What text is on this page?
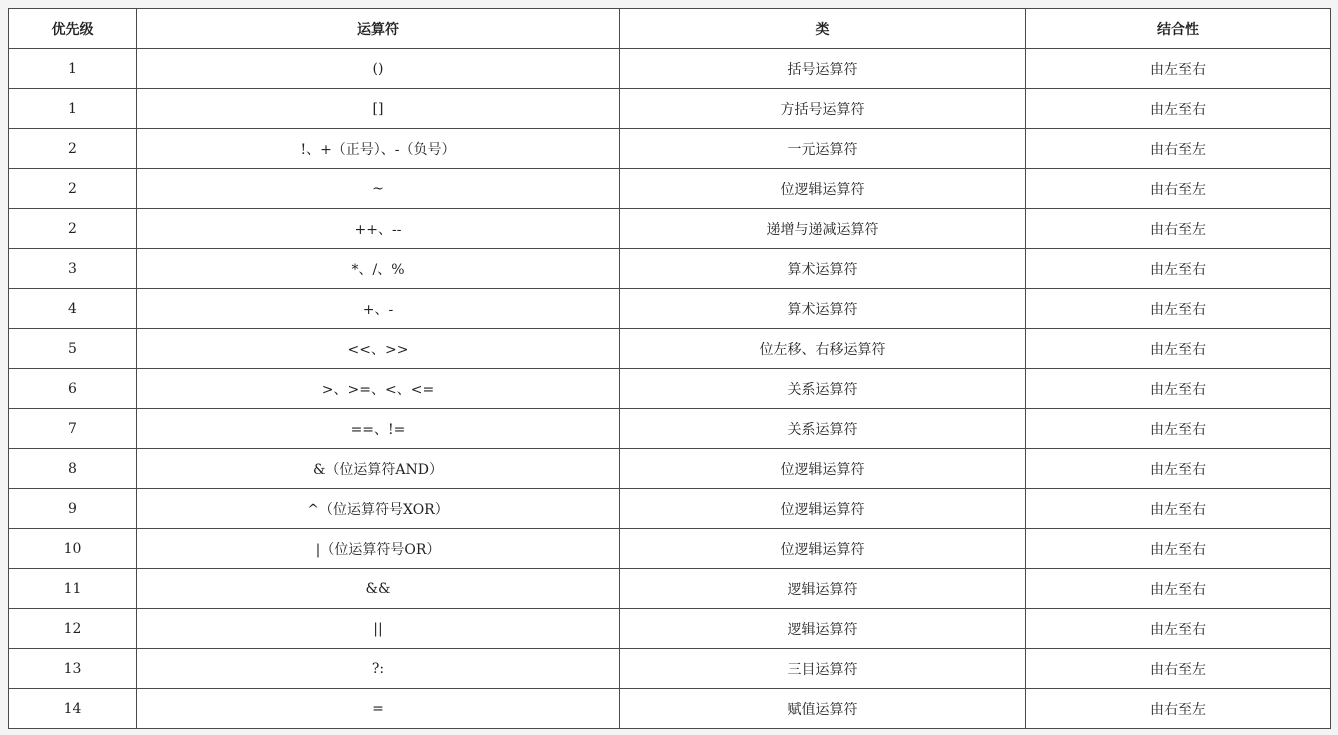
优先级	运算符	类	结合性
1	()	括号运算符	由左至右
1	[]	方括号运算符	由左至右
2	!、+（正号）、-（负号）	一元运算符	由右至左
2	~	位逻辑运算符	由右至左
2	++、--	递增与递减运算符	由右至左
3	*、/、%	算术运算符	由左至右
4	+、-	算术运算符	由左至右
5	<<、>>	位左移、右移运算符	由左至右
6	>、>=、<、<=	关系运算符	由左至右
7	==、!=	关系运算符	由左至右
8	&（位运算符AND）	位逻辑运算符	由左至右
9	^（位运算符号XOR）	位逻辑运算符	由左至右
10	|（位运算符号OR）	位逻辑运算符	由左至右
11	&&	逻辑运算符	由左至右
12	||	逻辑运算符	由左至右
13	?:	三目运算符	由右至左
14	=	赋值运算符	由右至左
